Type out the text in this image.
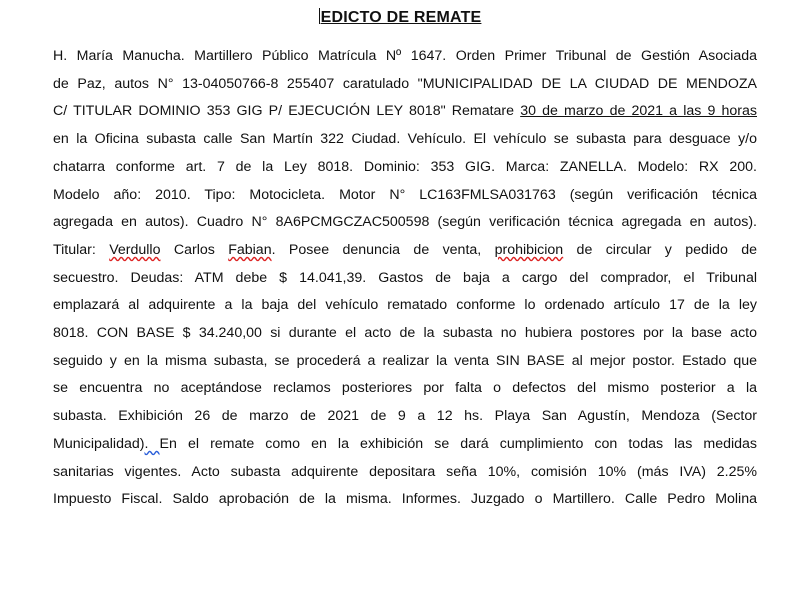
EDICTO DE REMATE
H. María Manucha. Martillero Público Matrícula Nº 1647. Orden Primer Tribunal de Gestión Asociada
de Paz, autos N° 13-04050766-8 255407 caratulado "MUNICIPALIDAD DE LA CIUDAD DE MENDOZA
C/ TITULAR DOMINIO 353 GIG P/ EJECUCIÓN LEY 8018" Rematare 30 de marzo de 2021 a las 9 horas
en la Oficina subasta calle San Martín 322 Ciudad. Vehículo. El vehículo se subasta para desguace y/o
chatarra conforme art. 7 de la Ley 8018. Dominio: 353 GIG. Marca: ZANELLA. Modelo: RX 200.
Modelo año: 2010. Tipo: Motocicleta. Motor N° LC163FMLSA031763 (según verificación técnica
agregada en autos). Cuadro N° 8A6PCMGCZAC500598 (según verificación técnica agregada en autos).
Titular: Verdullo Carlos Fabian. Posee denuncia de venta, prohibicion de circular y pedido de
secuestro. Deudas: ATM debe $ 14.041,39. Gastos de baja a cargo del comprador, el Tribunal
emplazará al adquirente a la baja del vehículo rematado conforme lo ordenado artículo 17 de la ley
8018. CON BASE $ 34.240,00 si durante el acto de la subasta no hubiera postores por la base acto
seguido y en la misma subasta, se procederá a realizar la venta SIN BASE al mejor postor. Estado que
se encuentra no aceptándose reclamos posteriores por falta o defectos del mismo posterior a la
subasta. Exhibición 26 de marzo de 2021 de 9 a 12 hs. Playa San Agustín, Mendoza (Sector
Municipalidad). En el remate como en la exhibición se dará cumplimiento con todas las medidas
sanitarias vigentes. Acto subasta adquirente depositara seña 10%, comisión 10% (más IVA) 2.25%
Impuesto Fiscal. Saldo aprobación de la misma. Informes. Juzgado o Martillero. Calle Pedro Molina
